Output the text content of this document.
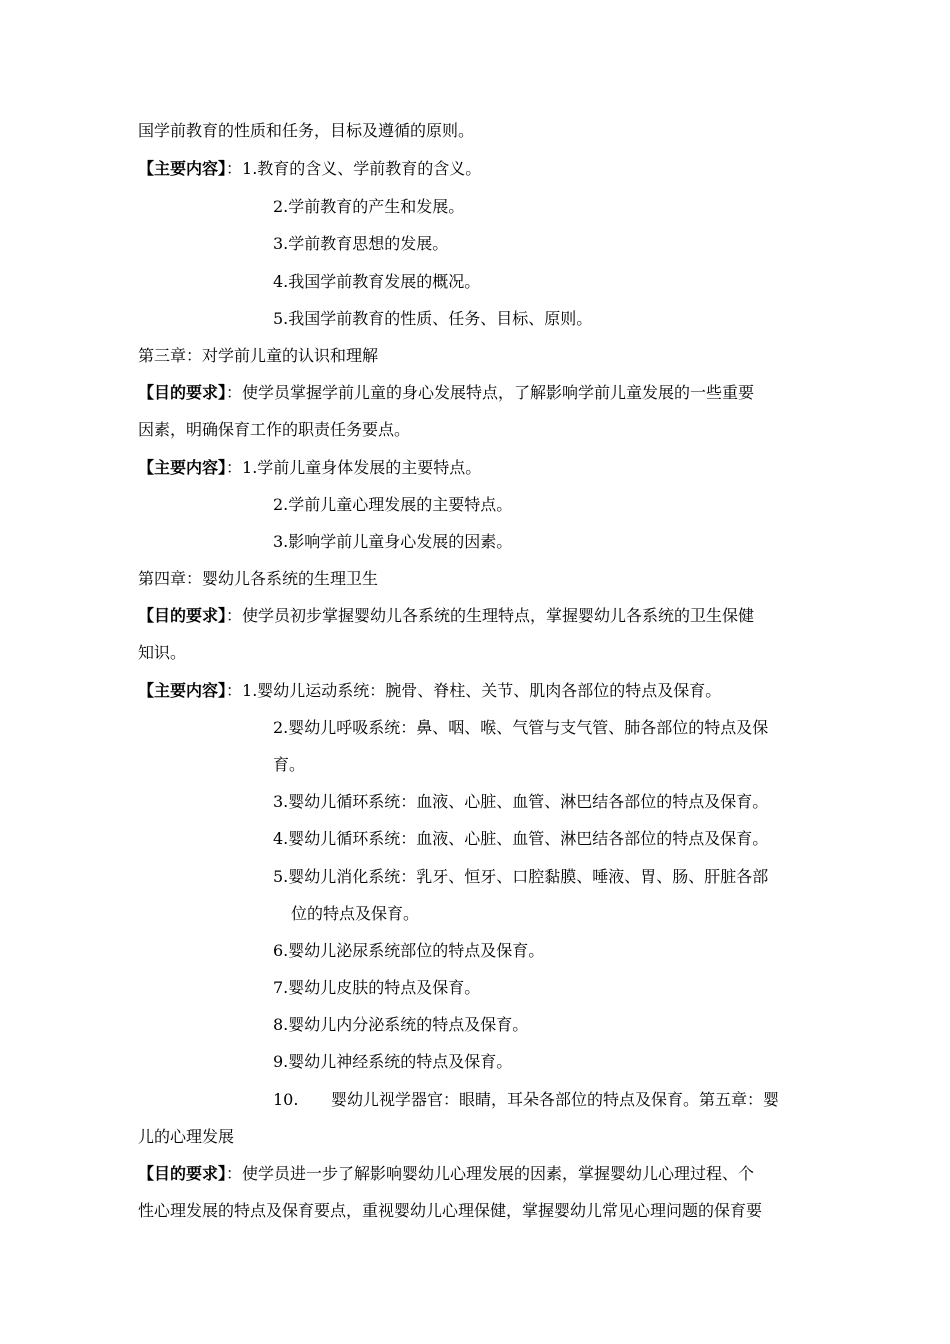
国学前教育的性质和任务，目标及遵循的原则。
【主要内容】：1.教育的含义、学前教育的含义。
2.学前教育的产生和发展。
3.学前教育思想的发展。
4.我国学前教育发展的概况。
5.我国学前教育的性质、任务、目标、原则。
第三章：对学前儿童的认识和理解
【目的要求】：使学员掌握学前儿童的身心发展特点，了解影响学前儿童发展的一些重要
因素，明确保育工作的职责任务要点。
【主要内容】：1.学前儿童身体发展的主要特点。
2.学前儿童心理发展的主要特点。
3.影响学前儿童身心发展的因素。
第四章：婴幼儿各系统的生理卫生
【目的要求】：使学员初步掌握婴幼儿各系统的生理特点，掌握婴幼儿各系统的卫生保健
知识。
【主要内容】：1.婴幼儿运动系统：腕骨、脊柱、关节、肌肉各部位的特点及保育。
2.婴幼儿呼吸系统：鼻、咽、喉、气管与支气管、肺各部位的特点及保
育。
3.婴幼儿循环系统：血液、心脏、血管、淋巴结各部位的特点及保育。
4.婴幼儿循环系统：血液、心脏、血管、淋巴结各部位的特点及保育。
5.婴幼儿消化系统：乳牙、恒牙、口腔黏膜、唾液、胃、肠、肝脏各部
位的特点及保育。
6.婴幼儿泌尿系统部位的特点及保育。
7.婴幼儿皮肤的特点及保育。
8.婴幼儿内分泌系统的特点及保育。
9.婴幼儿神经系统的特点及保育。
10. 婴幼儿视学器官：眼睛，耳朵各部位的特点及保育。第五章：婴
儿的心理发展
【目的要求】：使学员进一步了解影响婴幼儿心理发展的因素，掌握婴幼儿心理过程、个
性心理发展的特点及保育要点，重视婴幼儿心理保健，掌握婴幼儿常见心理问题的保育要
